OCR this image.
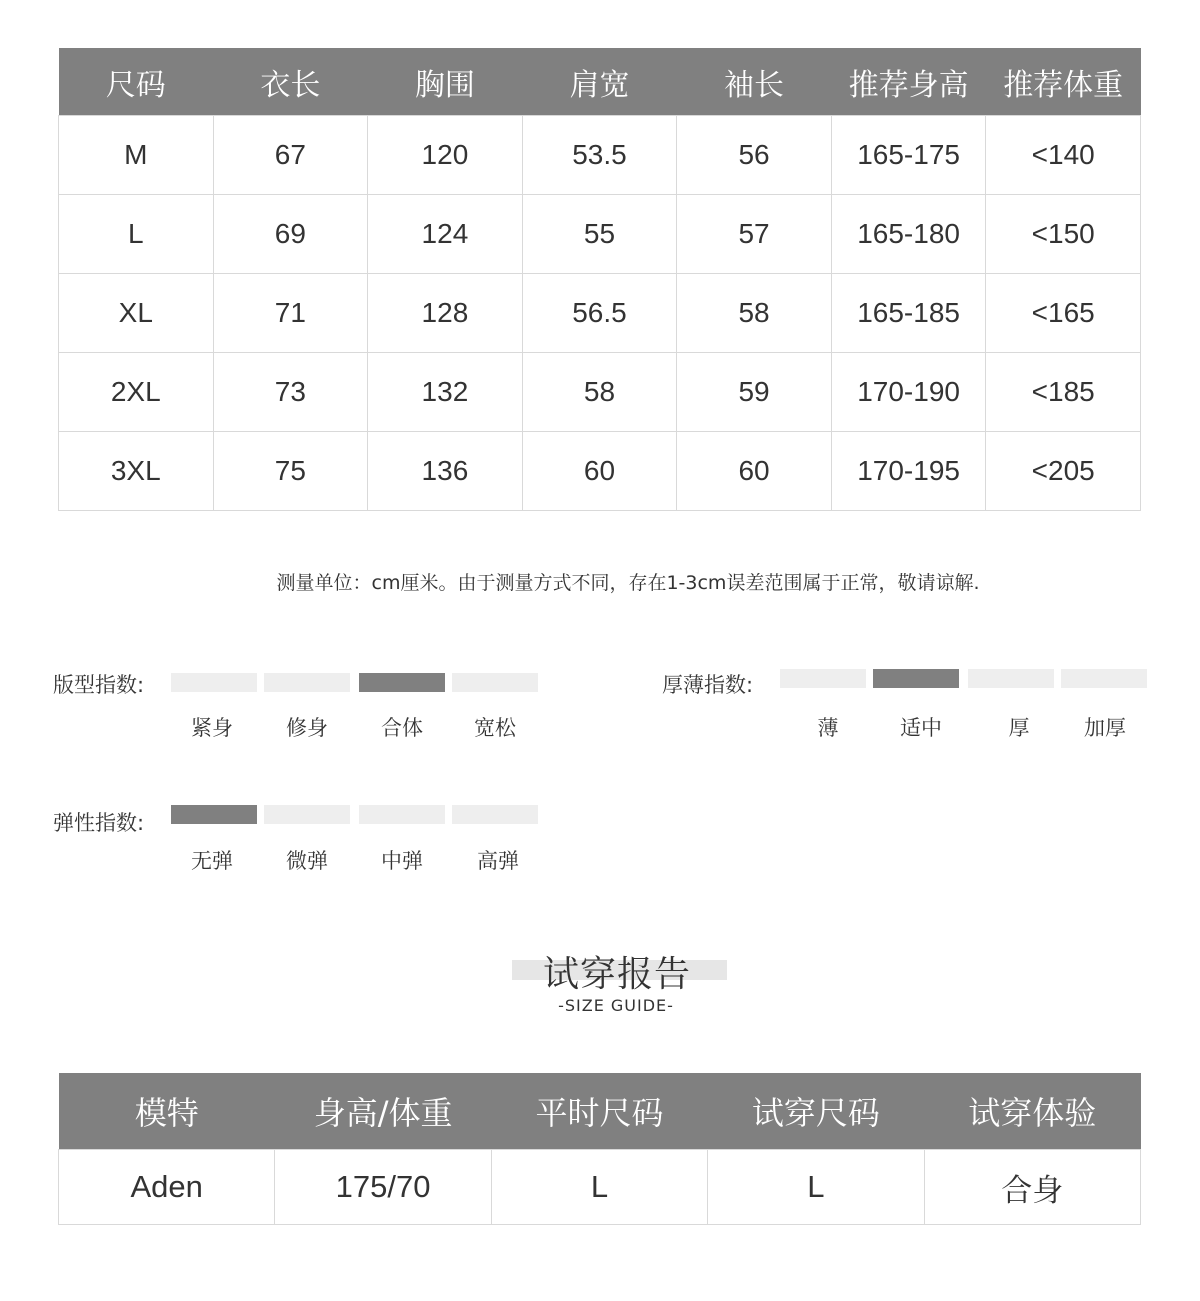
尺码	衣长	胸围	肩宽	袖长	推荐身高	推荐体重
M	67	120	53.5	56	165-175	<140
L	69	124	55	57	165-180	<150
XL	71	128	56.5	58	165-185	<165
2XL	73	132	58	59	170-190	<185
3XL	75	136	60	60	170-195	<205
测量单位：cm厘米。由于测量方式不同，存在1-3cm误差范围属于正常，敬请谅解.
版型指数:
紧身	修身	合体	宽松
厚薄指数:
薄	适中	厚	加厚
弹性指数:
无弹	微弹	中弹	高弹
试穿报告
-SIZE GUIDE-
模特	身高/体重	平时尺码	试穿尺码	试穿体验
Aden	175/70	L	L	合身
